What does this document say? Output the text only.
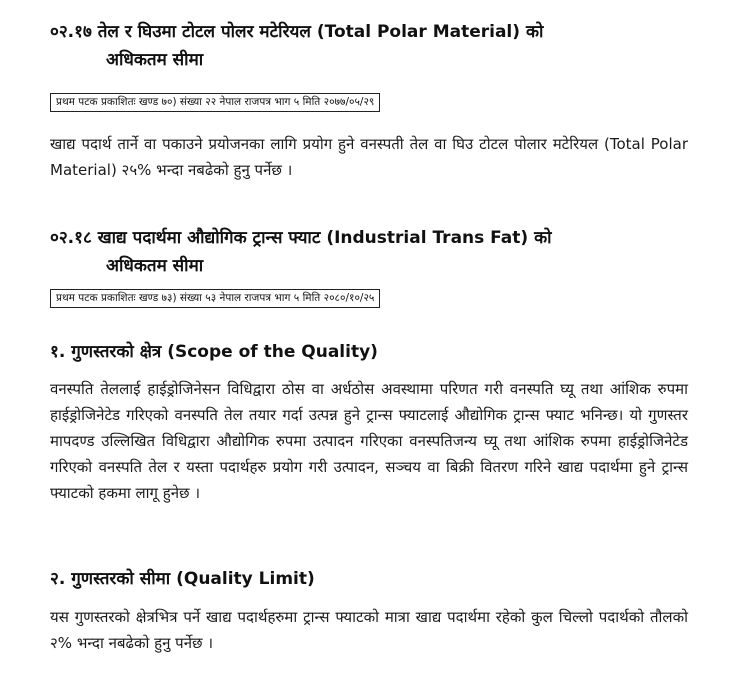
०२.१७ तेल र घिउमा टोटल पोलर मटेरियल (Total Polar Material) को
अधिकतम सीमा
प्रथम पटक प्रकाशितः खण्ड ७०) संख्या २२ नेपाल राजपत्र भाग ५ मिति २०७७/०५/२९

खाद्य पदार्थ तार्ने वा पकाउने प्रयोजनका लागि प्रयोग हुने वनस्पती तेल वा घिउ टोटल पोलार मटेरियल (Total Polar Material) २५% भन्दा नबढेको हुनु पर्नेछ ।

०२.१८ खाद्य पदार्थमा औद्योगिक ट्रान्स फ्याट (Industrial Trans Fat) को
अधिकतम सीमा
प्रथम पटक प्रकाशितः खण्ड ७३) संख्या ५३ नेपाल राजपत्र भाग ५ मिति २०८०/१०/२५
१. गुणस्तरको क्षेत्र (Scope of the Quality)

वनस्पति तेललाई हाईड्रोजिनेसन विधिद्वारा ठोस वा अर्धठोस अवस्थामा परिणत गरी वनस्पति घ्यू तथा आंशिक रुपमा हाईड्रोजिनेटेड गरिएको वनस्पति तेल तयार गर्दा उत्पन्न हुने ट्रान्स फ्याटलाई औद्योगिक ट्रान्स फ्याट भनिन्छ। यो गुणस्तर मापदण्ड उल्लिखित विधिद्वारा औद्योगिक रुपमा उत्पादन गरिएका वनस्पतिजन्य घ्यू तथा आंशिक रुपमा हाईड्रोजिनेटेड गरिएको वनस्पति तेल र यस्ता पदार्थहरु प्रयोग गरी उत्पादन, सञ्चय वा बिक्री वितरण गरिने खाद्य पदार्थमा हुने ट्रान्स फ्याटको हकमा लागू हुनेछ ।

२. गुणस्तरको सीमा (Quality Limit)

यस गुणस्तरको क्षेत्रभित्र पर्ने खाद्य पदार्थहरुमा ट्रान्स फ्याटको मात्रा खाद्य पदार्थमा रहेको कुल चिल्लो पदार्थको तौलको २% भन्दा नबढेको हुनु पर्नेछ ।
